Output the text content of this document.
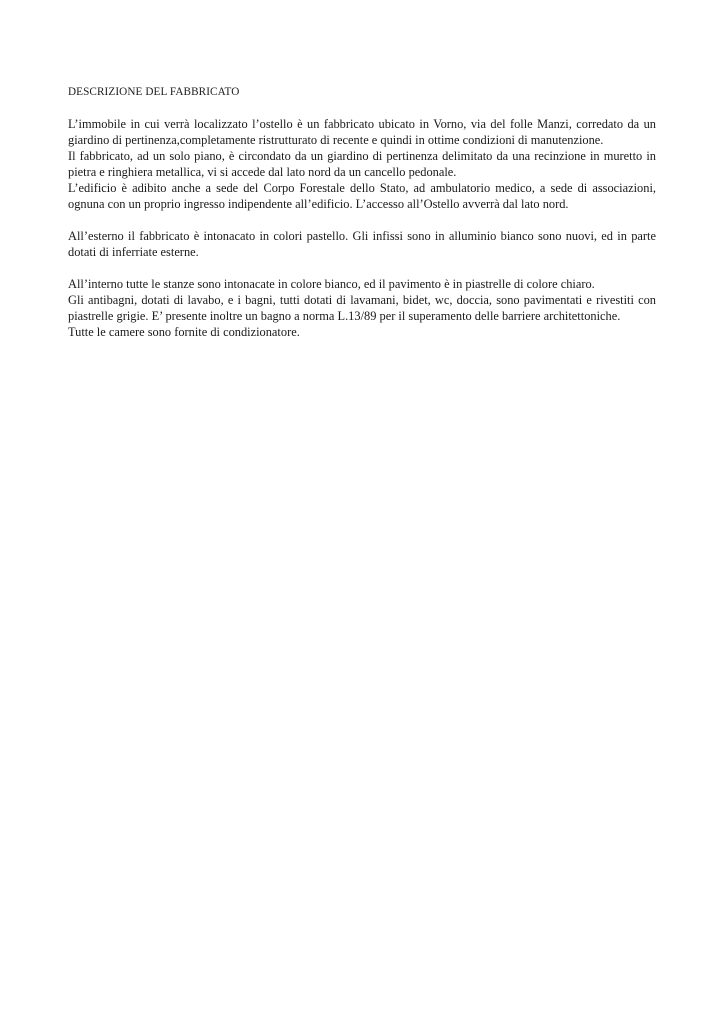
DESCRIZIONE DEL FABBRICATO

L’immobile in cui verrà localizzato l’ostello è un fabbricato ubicato in Vorno, via del folle Manzi, corredato da un giardino di pertinenza,completamente ristrutturato di recente e quindi in ottime condizioni di manutenzione.

Il fabbricato, ad un solo piano, è circondato da un giardino di pertinenza delimitato da una recinzione in muretto in pietra e ringhiera metallica, vi si accede dal lato nord da un cancello pedonale.

L’edificio è adibito anche a sede del Corpo Forestale dello Stato, ad ambulatorio medico, a sede di associazioni, ognuna con un proprio ingresso indipendente all’edificio. L’accesso all’Ostello avverrà dal lato nord.

All’esterno il fabbricato è intonacato in colori pastello. Gli infissi sono in alluminio bianco sono nuovi, ed in parte dotati di inferriate esterne.

All’interno tutte le stanze sono intonacate in colore bianco, ed il pavimento è in piastrelle di colore chiaro.

Gli antibagni, dotati di lavabo, e i bagni, tutti dotati di lavamani, bidet, wc, doccia, sono pavimentati e rivestiti con piastrelle grigie. E’ presente inoltre un bagno a norma L.13/89 per il superamento delle barriere architettoniche.

Tutte le camere sono fornite di condizionatore.
